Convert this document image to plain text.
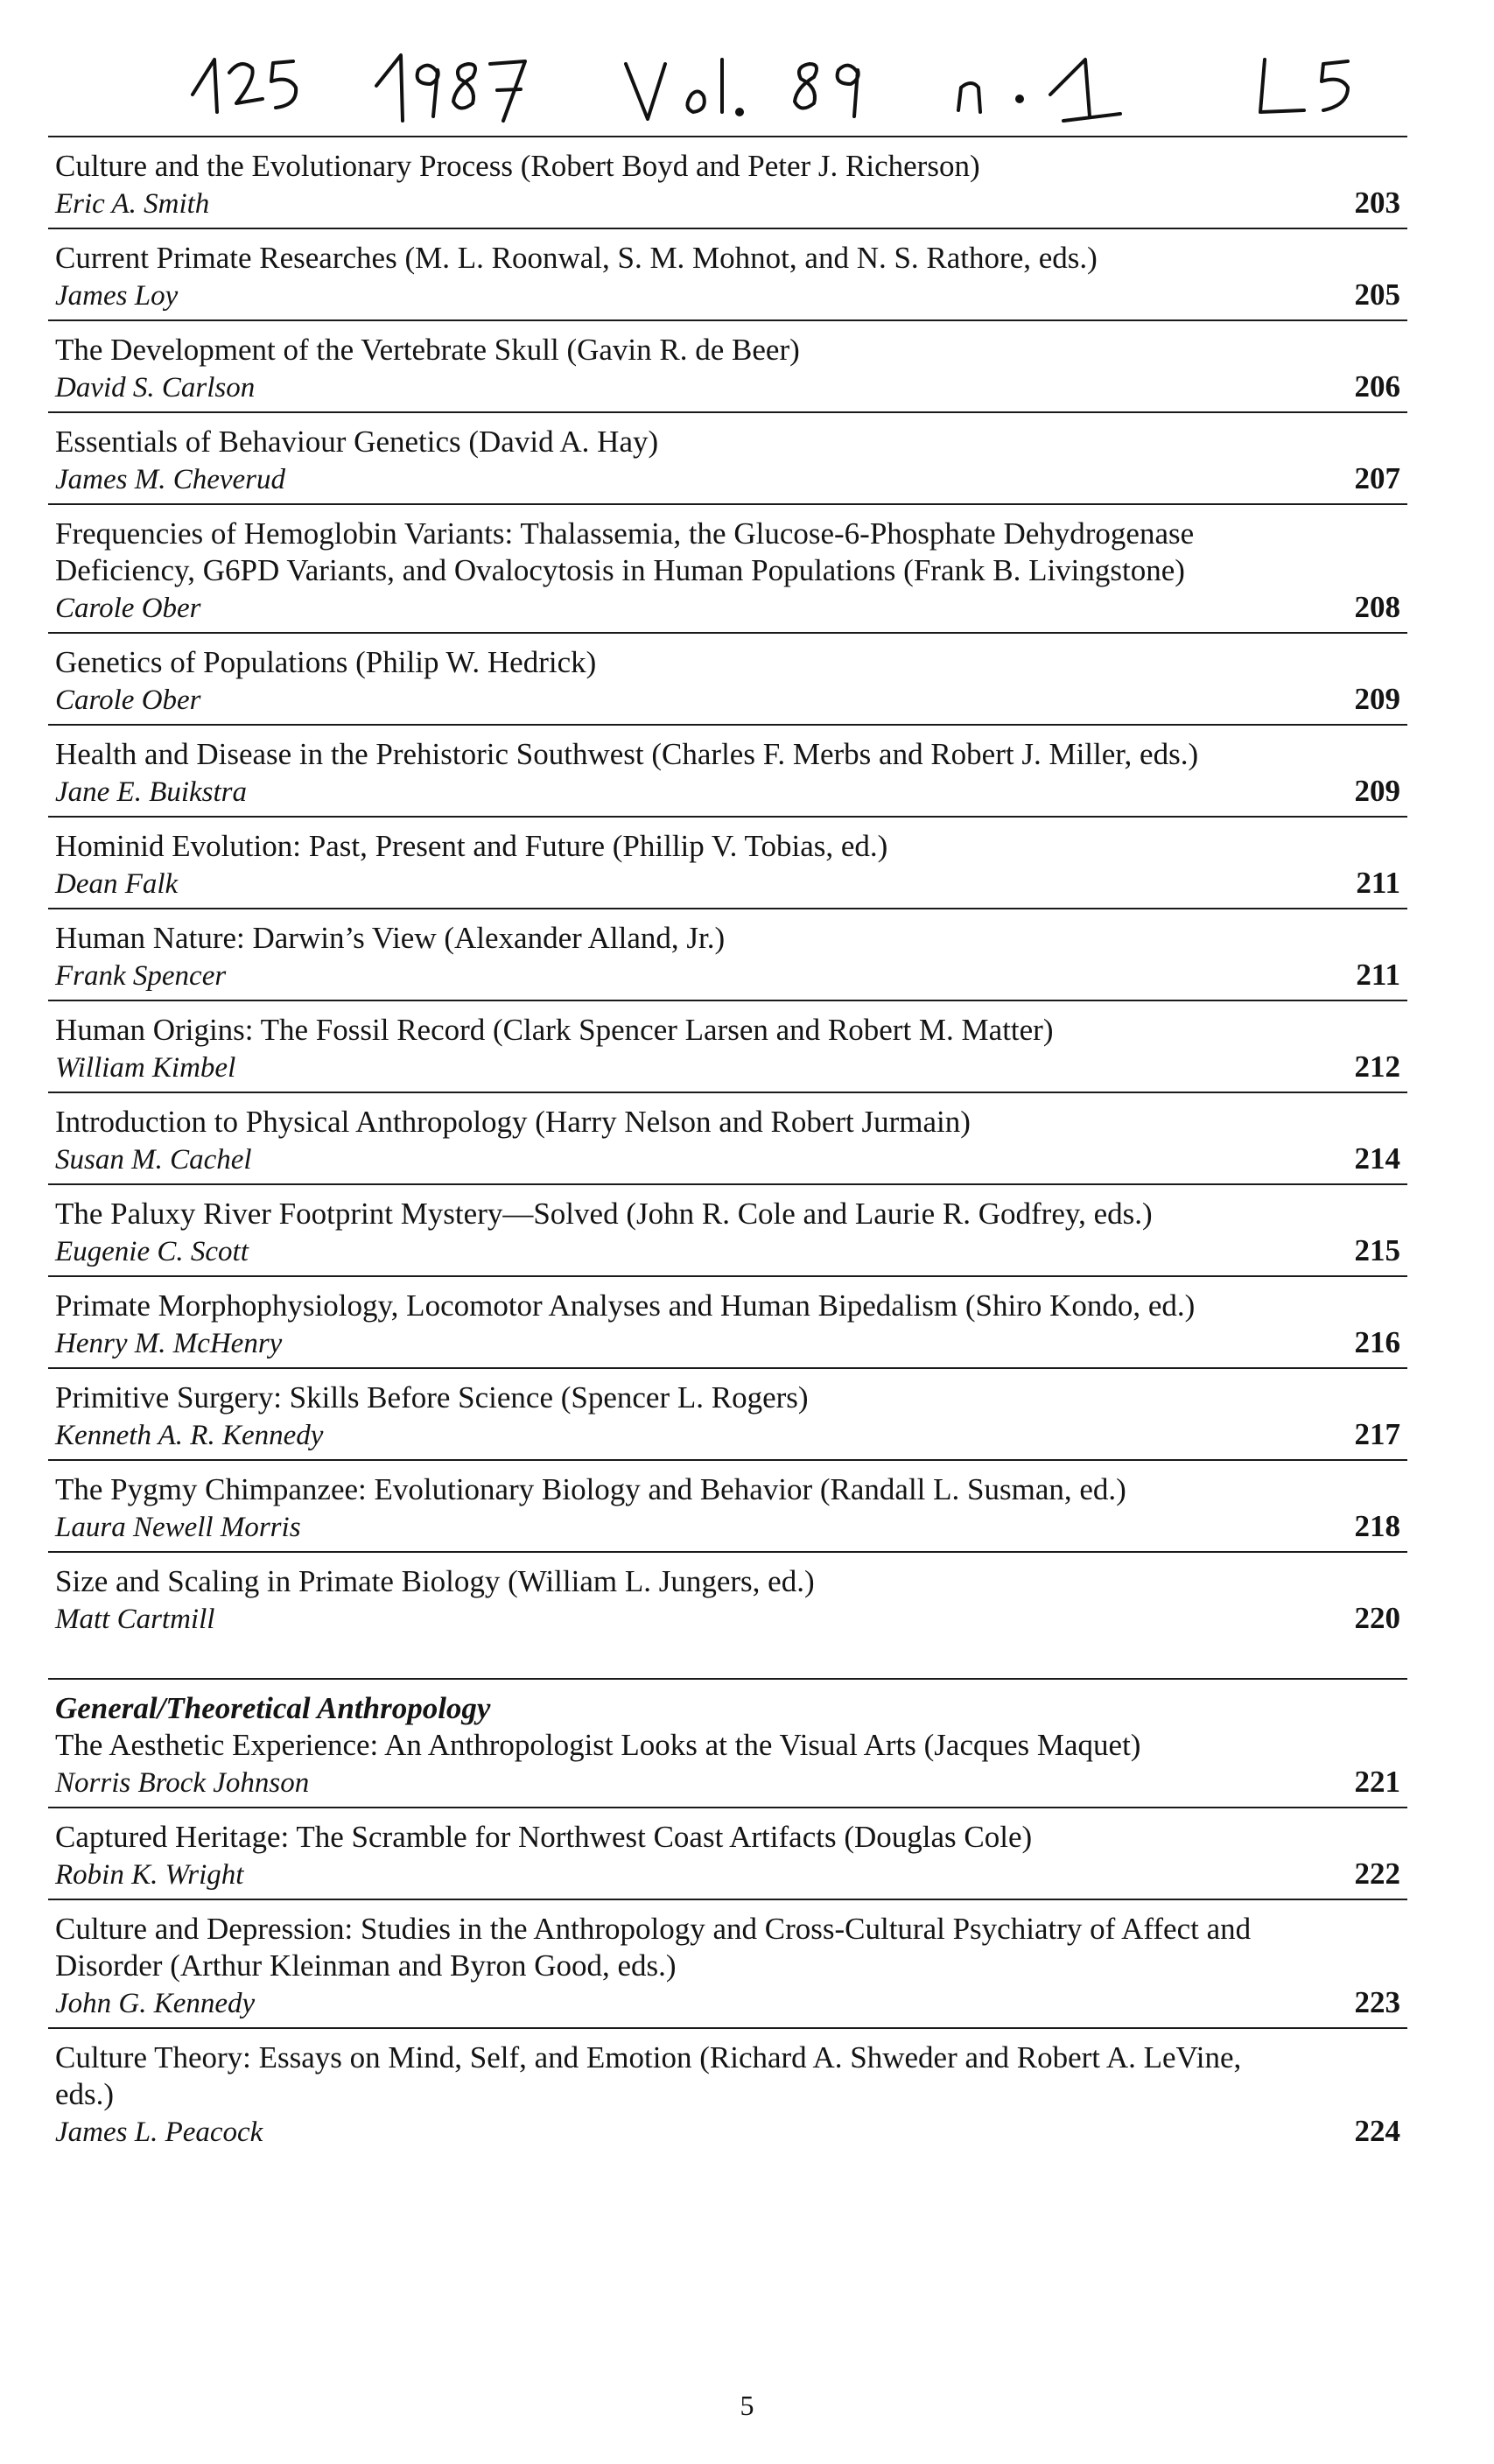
Culture and the Evolutionary Process (Robert Boyd and Peter J. Richerson)

Eric A. Smith	203

Current Primate Researches (M. L. Roonwal, S. M. Mohnot, and N. S. Rathore, eds.)

James Loy	205

The Development of the Vertebrate Skull (Gavin R. de Beer)

David S. Carlson	206

Essentials of Behaviour Genetics (David A. Hay)

James M. Cheverud	207

Frequencies of Hemoglobin Variants: Thalassemia, the Glucose-6-Phosphate Dehydrogenase Deficiency, G6PD Variants, and Ovalocytosis in Human Populations (Frank B. Livingstone)

Carole Ober	208

Genetics of Populations (Philip W. Hedrick)

Carole Ober	209

Health and Disease in the Prehistoric Southwest (Charles F. Merbs and Robert J. Miller, eds.)

Jane E. Buikstra	209

Hominid Evolution: Past, Present and Future (Phillip V. Tobias, ed.)

Dean Falk	211

Human Nature: Darwin’s View (Alexander Alland, Jr.)

Frank Spencer	211

Human Origins: The Fossil Record (Clark Spencer Larsen and Robert M. Matter)

William Kimbel	212

Introduction to Physical Anthropology (Harry Nelson and Robert Jurmain)

Susan M. Cachel	214

The Paluxy River Footprint Mystery—Solved (John R. Cole and Laurie R. Godfrey, eds.)

Eugenie C. Scott	215

Primate Morphophysiology, Locomotor Analyses and Human Bipedalism (Shiro Kondo, ed.)

Henry M. McHenry	216

Primitive Surgery: Skills Before Science (Spencer L. Rogers)

Kenneth A. R. Kennedy	217

The Pygmy Chimpanzee: Evolutionary Biology and Behavior (Randall L. Susman, ed.)

Laura Newell Morris	218

Size and Scaling in Primate Biology (William L. Jungers, ed.)

Matt Cartmill	220

General/Theoretical Anthropology

The Aesthetic Experience: An Anthropologist Looks at the Visual Arts (Jacques Maquet)

Norris Brock Johnson	221

Captured Heritage: The Scramble for Northwest Coast Artifacts (Douglas Cole)

Robin K. Wright	222

Culture and Depression: Studies in the Anthropology and Cross-Cultural Psychiatry of Affect and Disorder (Arthur Kleinman and Byron Good, eds.)

John G. Kennedy	223

Culture Theory: Essays on Mind, Self, and Emotion (Richard A. Shweder and Robert A. LeVine, eds.)

James L. Peacock	224
5
